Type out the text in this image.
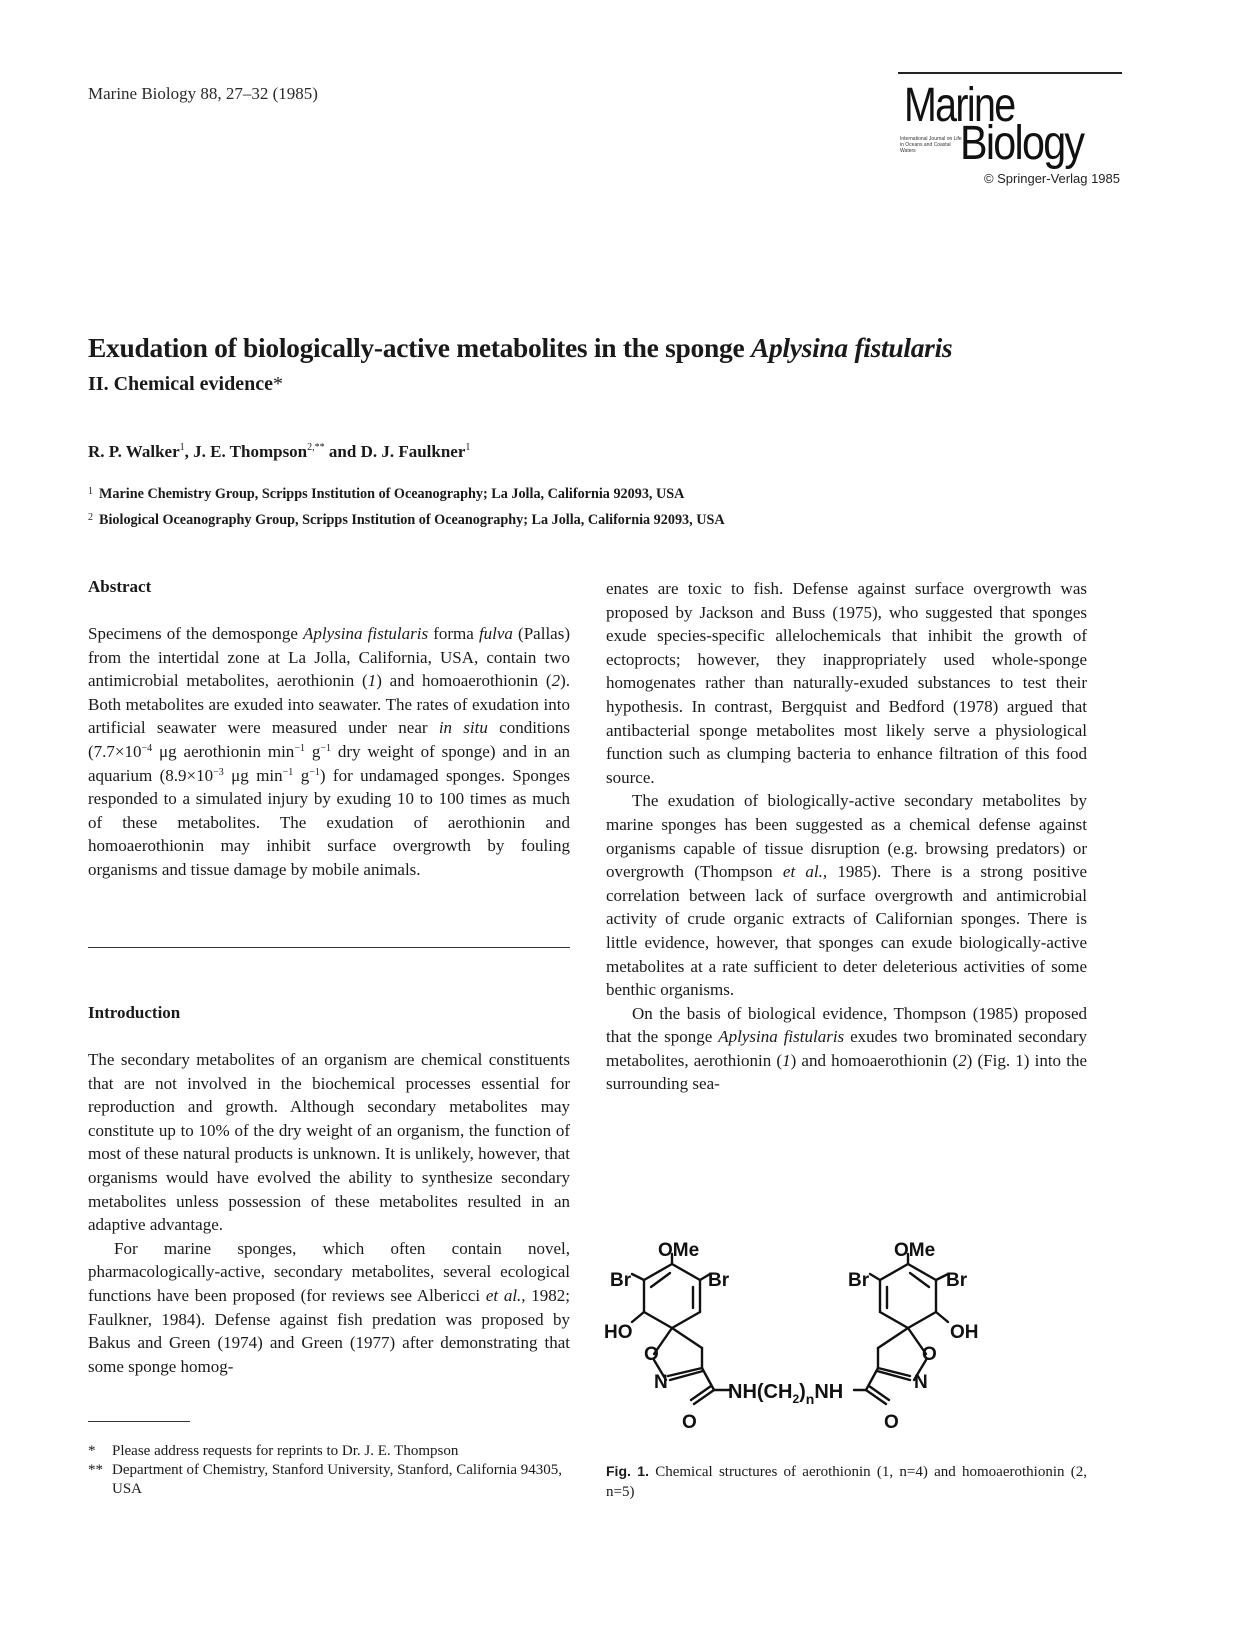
Marine Biology 88, 27–32 (1985)	Marine
International Journal on Life in Oceans and Coastal Waters Biology
© Springer-Verlag 1985
Exudation of biologically-active metabolites in the sponge Aplysina fistularis
II. Chemical evidence*
R. P. Walker$^1$, J. E. Thompson$^{2,**}$ and D. J. Faulkner$^1$
$^1$ Marine Chemistry Group, Scripps Institution of Oceanography; La Jolla, California 92093, USA
$^2$ Biological Oceanography Group, Scripps Institution of Oceanography; La Jolla, California 92093, USA
Abstract

Specimens of the demosponge Aplysina fistularis forma fulva (Pallas) from the intertidal zone at La Jolla, California, USA, contain two antimicrobial metabolites, aerothionin (1) and homoaerothionin (2). Both metabolites are exuded into seawater. The rates of exudation into artificial seawater were measured under near in situ conditions ($7.7\times 10^{-4}$ μg aerothionin $\min^{-1} g^{-1}$ dry weight of sponge) and in an aquarium ($8.9\times 10^{-3}$ μg $\min^{-1} g^{-1}$) for undamaged sponges. Sponges responded to a simulated injury by exuding 10 to 100 times as much of these metabolites. The exudation of aerothionin and homoaerothionin may inhibit surface overgrowth by fouling organisms and tissue damage by mobile animals.

Introduction

The secondary metabolites of an organism are chemical constituents that are not involved in the biochemical processes essential for reproduction and growth. Although secondary metabolites may constitute up to 10% of the dry weight of an organism, the function of most of these natural products is unknown. It is unlikely, however, that organisms would have evolved the ability to synthesize secondary metabolites unless possession of these metabolites resulted in an adaptive advantage.

For marine sponges, which often contain novel, pharmacologically-active, secondary metabolites, several ecological functions have been proposed (for reviews see Albericci et al., 1982; Faulkner, 1984). Defense against fish predation was proposed by Bakus and Green (1974) and Green (1977) after demonstrating that some sponge homog-

* Please address requests for reprints to Dr. J. E. Thompson
** Department of Chemistry, Stanford University, Stanford, California 94305, USA

enates are toxic to fish. Defense against surface overgrowth was proposed by Jackson and Buss (1975), who suggested that sponges exude species-specific allelochemicals that inhibit the growth of ectoprocts; however, they inappropriately used whole-sponge homogenates rather than naturally-exuded substances to test their hypothesis. In contrast, Bergquist and Bedford (1978) argued that antibacterial sponge metabolites most likely serve a physiological function such as clumping bacteria to enhance filtration of this food source.

The exudation of biologically-active secondary metabolites by marine sponges has been suggested as a chemical defense against organisms capable of tissue disruption (e.g. browsing predators) or overgrowth (Thompson et al., 1985). There is a strong positive correlation between lack of surface overgrowth and antimicrobial activity of crude organic extracts of Californian sponges. There is little evidence, however, that sponges can exude biologically-active metabolites at a rate sufficient to deter deleterious activities of some benthic organisms.

On the basis of biological evidence, Thompson (1985) proposed that the sponge Aplysina fistularis exudes two brominated secondary metabolites, aerothionin (1) and homoaerothionin (2) (Fig. 1) into the surrounding sea-

OMe
Br	Br
HO
O
N
O
$NH(CH_2)_nNH$
OMe
Br	Br
OH
O
N
O
Fig. 1. Chemical structures of aerothionin (1, n=4) and homoaerothionin (2, n=5)
